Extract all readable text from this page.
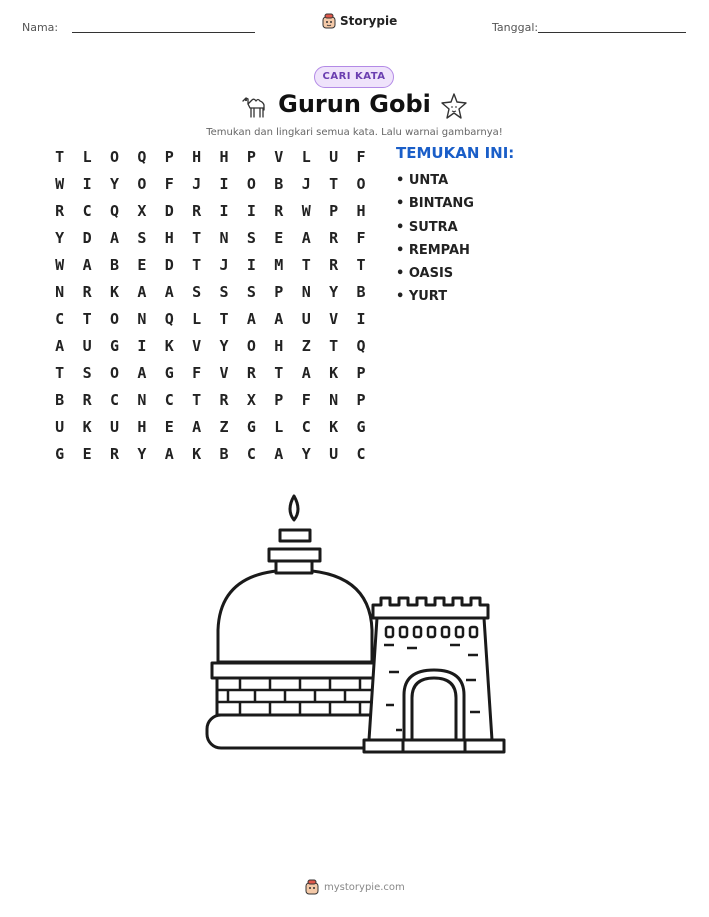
Nama:	Storypie	Tanggal:
CARI KATA
Gurun Gobi
Temukan dan lingkari semua kata. Lalu warnai gambarnya!
T	L	O	Q	P	H	H	P	V	L	U	F
W	I	Y	O	F	J	I	O	B	J	T	O
R	C	Q	X	D	R	I	I	R	W	P	H
Y	D	A	S	H	T	N	S	E	A	R	F
W	A	B	E	D	T	J	I	M	T	R	T
N	R	K	A	A	S	S	S	P	N	Y	B
C	T	O	N	Q	L	T	A	A	U	V	I
A	U	G	I	K	V	Y	O	H	Z	T	Q
T	S	O	A	G	F	V	R	T	A	K	P
B	R	C	N	C	T	R	X	P	F	N	P
U	K	U	H	E	A	Z	G	L	C	K	G
G	E	R	Y	A	K	B	C	A	Y	U	C
TEMUKAN INI:
• UNTA
• BINTANG
• SUTRA
• REMPAH
• OASIS
• YURT
mystorypie.com
